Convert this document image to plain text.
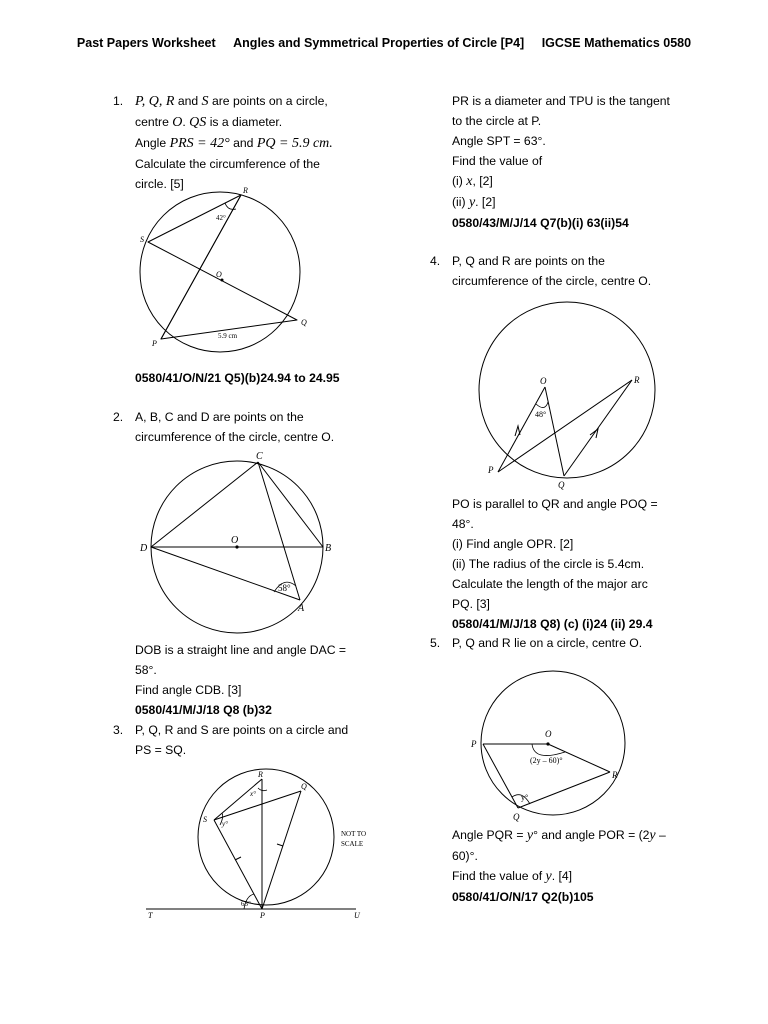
Past Papers Worksheet Angles and Symmetrical Properties of Circle [P4] IGCSE Mathematics 0580
1. P, Q, R and S are points on a circle,

centre O. QS is a diameter.

Angle PRS = 42° and PQ = 5.9 cm.

Calculate the circumference of the

circle. [5]	R
S
O
Q
P
42°
5.9 cm
0580/41/O/N/21 Q5)(b)24.94 to 24.95
2. A, B, C and D are points on the

circumference of the circle, centre O.

C
D
O
B
A
58°

DOB is a straight line and angle DAC =

58°.

Find angle CDB. [3]

0580/41/M/J/18 Q8 (b)32

3. P, Q, R and S are points on a circle and

PS = SQ.

R
Q
S
P
T	U
x°
y°
63°
NOT TO
SCALE

PR is a diameter and TPU is the tangent

to the circle at P.

Angle SPT = 63°.

Find the value of

(i) x, [2]

(ii) y. [2]

0580/43/M/J/14 Q7(b)(i) 63(ii)54

4. P, Q and R are points on the

circumference of the circle, centre O.

O	R
P
Q
48°

PO is parallel to QR and angle POQ =

48°.

(i) Find angle OPR. [2]

(ii) The radius of the circle is 5.4cm.

Calculate the length of the major arc

PQ. [3]

0580/41/M/J/18 Q8) (c) (i)24 (ii) 29.4

5. P, Q and R lie on a circle, centre O.

O
P
R
Q
(2y – 60)°
y°

Angle PQR = y° and angle POR = (2y –

60)°.

Find the value of y. [4]

0580/41/O/N/17 Q2(b)105
